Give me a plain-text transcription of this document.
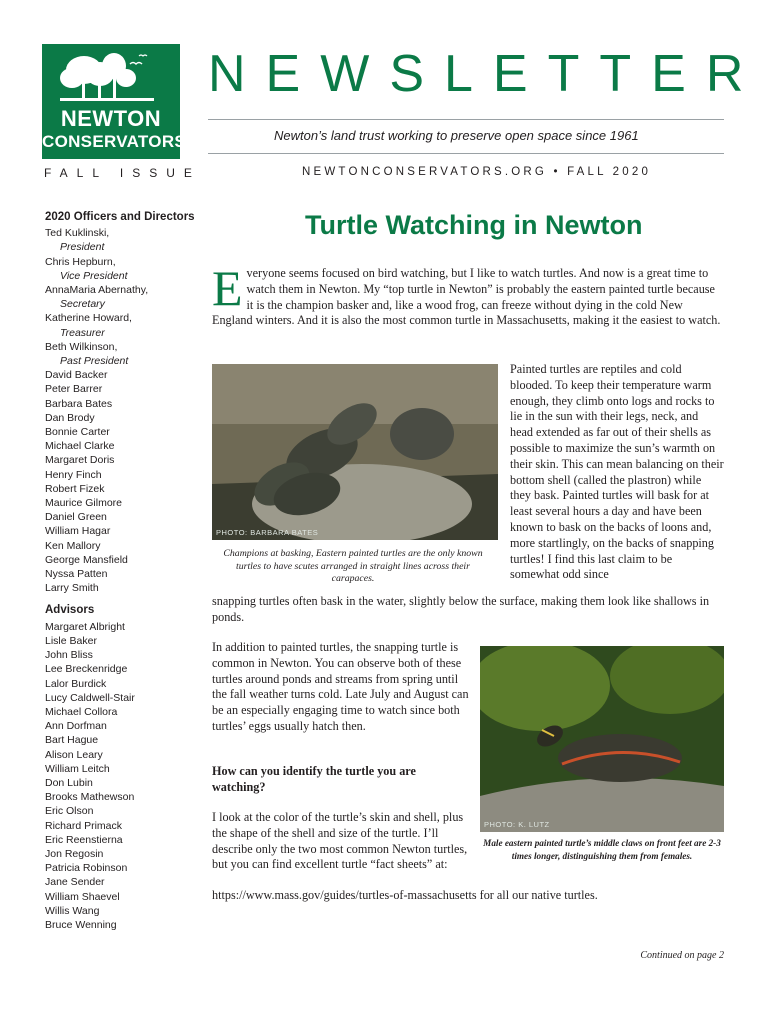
NEWTON
CONSERVATORS
NEWSLETTER
Newton’s land trust working to preserve open space since 1961
FALL ISSUE	NEWTONCONSERVATORS.ORG • FALL 2020
2020 Officers and Directors
Ted Kuklinski,
President
Chris Hepburn,
Vice President
AnnaMaria Abernathy,
Secretary
Katherine Howard,
Treasurer
Beth Wilkinson,
Past President
David Backer
Peter Barrer
Barbara Bates
Dan Brody
Bonnie Carter
Michael Clarke
Margaret Doris
Henry Finch
Robert Fizek
Maurice Gilmore
Daniel Green
William Hagar
Ken Mallory
George Mansfield
Nyssa Patten
Larry Smith
Advisors
Margaret Albright
Lisle Baker
John Bliss
Lee Breckenridge
Lalor Burdick
Lucy Caldwell-Stair
Michael Collora
Ann Dorfman
Bart Hague
Alison Leary
William Leitch
Don Lubin
Brooks Mathewson
Eric Olson
Richard Primack
Eric Reenstierna
Jon Regosin
Patricia Robinson
Jane Sender
William Shaevel
Willis Wang
Bruce Wenning
Turtle Watching in Newton
Everyone seems focused on bird watching, but I like to watch turtles. And now is a great time to watch them in Newton. My “top turtle in Newton” is probably the eastern painted turtle because it is the champion basker and, like a wood frog, can freeze without dying in the cold New England winters. And it is also the most common turtle in Massachusetts, making it the easiest to watch.
PHOTO: BARBARA BATES
Champions at basking, Eastern painted turtles are the only known turtles to have scutes arranged in straight lines across their carapaces.
Painted turtles are reptiles and cold blooded. To keep their temperature warm enough, they climb onto logs and rocks to lie in the sun with their legs, neck, and head extended as far out of their shells as possible to maximize the sun’s warmth on their skin. This can mean balancing on their bottom shell (called the plastron) while they bask. Painted turtles will bask for at least several hours a day and have been known to bask on the backs of loons and, more startlingly, on the backs of snapping turtles! I find this last claim to be somewhat odd since
snapping turtles often bask in the water, slightly below the surface, making them look like shallows in ponds.
In addition to painted turtles, the snapping turtle is common in Newton. You can observe both of these turtles around ponds and streams from spring until the fall weather turns cold. Late July and August can be an especially engaging time to watch since both turtles’ eggs usually hatch then.
How can you identify the turtle you are watching?
I look at the color of the turtle’s skin and shell, plus the shape of the shell and size of the turtle. I’ll describe only the two most common Newton turtles, but you can find excellent turtle “fact sheets” at:
https://www.mass.gov/guides/turtles-of-massachusetts for all our native turtles.
PHOTO: K. LUTZ
Male eastern painted turtle’s middle claws on front feet are 2-3 times longer, distinguishing them from females.
Continued on page 2
